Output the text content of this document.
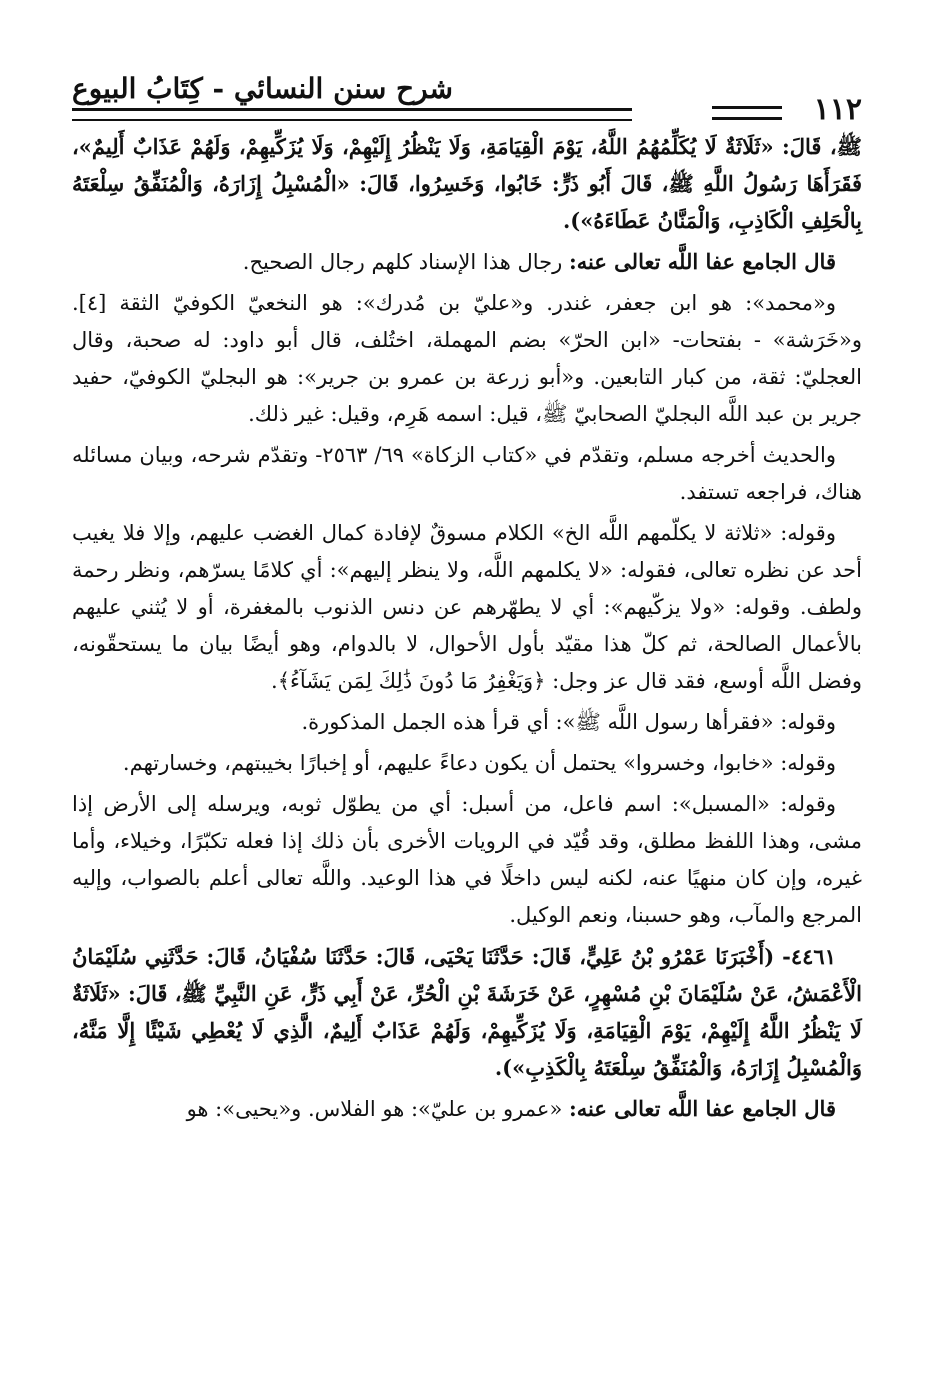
شرح سنن النسائي - كِتَابُ البيوع
١١٢

ﷺ، قَالَ: «ثَلَاثَةٌ لَا يُكَلِّمُهُمُ اللَّهُ، يَوْمَ الْقِيَامَةِ، وَلَا يَنْظُرُ إِلَيْهِمْ، وَلَا يُزَكِّيهِمْ، وَلَهُمْ عَذَابٌ أَلِيمٌ»، فَقَرَأَهَا رَسُولُ اللَّهِ ﷺ، قَالَ أَبُو ذَرٍّ: خَابُوا، وَخَسِرُوا، قَالَ: «الْمُسْبِلُ إِزَارَهُ، وَالْمُنَفِّقُ سِلْعَتَهُ بِالْحَلِفِ الْكَاذِبِ، وَالْمَنَّانُ عَطَاءَهُ»).

قال الجامع عفا اللَّه تعالى عنه: رجال هذا الإسناد كلهم رجال الصحيح.

و«محمد»: هو ابن جعفر، غندر. و«عليّ بن مُدرك»: هو النخعيّ الكوفيّ الثقة [٤]. و«خَرَشة» - بفتحات- «ابن الحرّ» بضم المهملة، اختُلف، قال أبو داود: له صحبة، وقال العجليّ: ثقة، من كبار التابعين. و«أبو زرعة بن عمرو بن جرير»: هو البجليّ الكوفيّ، حفيد جرير بن عبد اللَّه البجليّ الصحابيّ ﷺ، قيل: اسمه هَرِم، وقيل: غير ذلك.

والحديث أخرجه مسلم، وتقدّم في «كتاب الزكاة» ٦٩/ ٢٥٦٣- وتقدّم شرحه، وبيان مسائله هناك، فراجعه تستفد.

وقوله: «ثلاثة لا يكلّمهم اللَّه الخ» الكلام مسوقٌ لإفادة كمال الغضب عليهم، وإلا فلا يغيب أحد عن نظره تعالى، فقوله: «لا يكلمهم اللَّه، ولا ينظر إليهم»: أي كلامًا يسرّهم، ونظر رحمة ولطف. وقوله: «ولا يزكّيهم»: أي لا يطهّرهم عن دنس الذنوب بالمغفرة، أو لا يُثني عليهم بالأعمال الصالحة، ثم كلّ هذا مقيّد بأول الأحوال، لا بالدوام، وهو أيضًا بيان ما يستحقّونه، وفضل اللَّه أوسع، فقد قال عز وجل: ﴿وَيَغْفِرُ مَا دُونَ ذَٰلِكَ لِمَن يَشَآءُ﴾.

وقوله: «فقرأها رسول اللَّه ﷺ»: أي قرأ هذه الجمل المذكورة.

وقوله: «خابوا، وخسروا» يحتمل أن يكون دعاءً عليهم، أو إخبارًا بخيبتهم، وخسارتهم.

وقوله: «المسبل»: اسم فاعل، من أسبل: أي من يطوّل ثوبه، ويرسله إلى الأرض إذا مشى، وهذا اللفظ مطلق، وقد قُيّد في الرويات الأخرى بأن ذلك إذا فعله تكبّرًا، وخيلاء، وأما غيره، وإن كان منهيًا عنه، لكنه ليس داخلًا في هذا الوعيد. واللَّه تعالى أعلم بالصواب، وإليه المرجع والمآب، وهو حسبنا، ونعم الوكيل.

٤٤٦١- (أَخْبَرَنَا عَمْرُو بْنُ عَلِيٍّ، قَالَ: حَدَّثَنَا يَحْيَى، قَالَ: حَدَّثَنَا سُفْيَانُ، قَالَ: حَدَّثَنِي سُلَيْمَانُ الْأَعْمَشُ، عَنْ سُلَيْمَانَ بْنِ مُسْهِرٍ، عَنْ خَرَشَةَ بْنِ الْحُرِّ، عَنْ أَبِي ذَرٍّ، عَنِ النَّبِيِّ ﷺ، قَالَ: «ثَلَاثَةٌ لَا يَنْظُرُ اللَّهُ إِلَيْهِمْ، يَوْمَ الْقِيَامَةِ، وَلَا يُزَكِّيهِمْ، وَلَهُمْ عَذَابٌ أَلِيمٌ، الَّذِي لَا يُعْطِي شَيْئًا إِلَّا مَنَّهُ، وَالْمُسْبِلُ إِزَارَهُ، وَالْمُنَفِّقُ سِلْعَتَهُ بِالْكَذِبِ»).

قال الجامع عفا اللَّه تعالى عنه: «عمرو بن عليّ»: هو الفلاس. و«يحيى»: هو
